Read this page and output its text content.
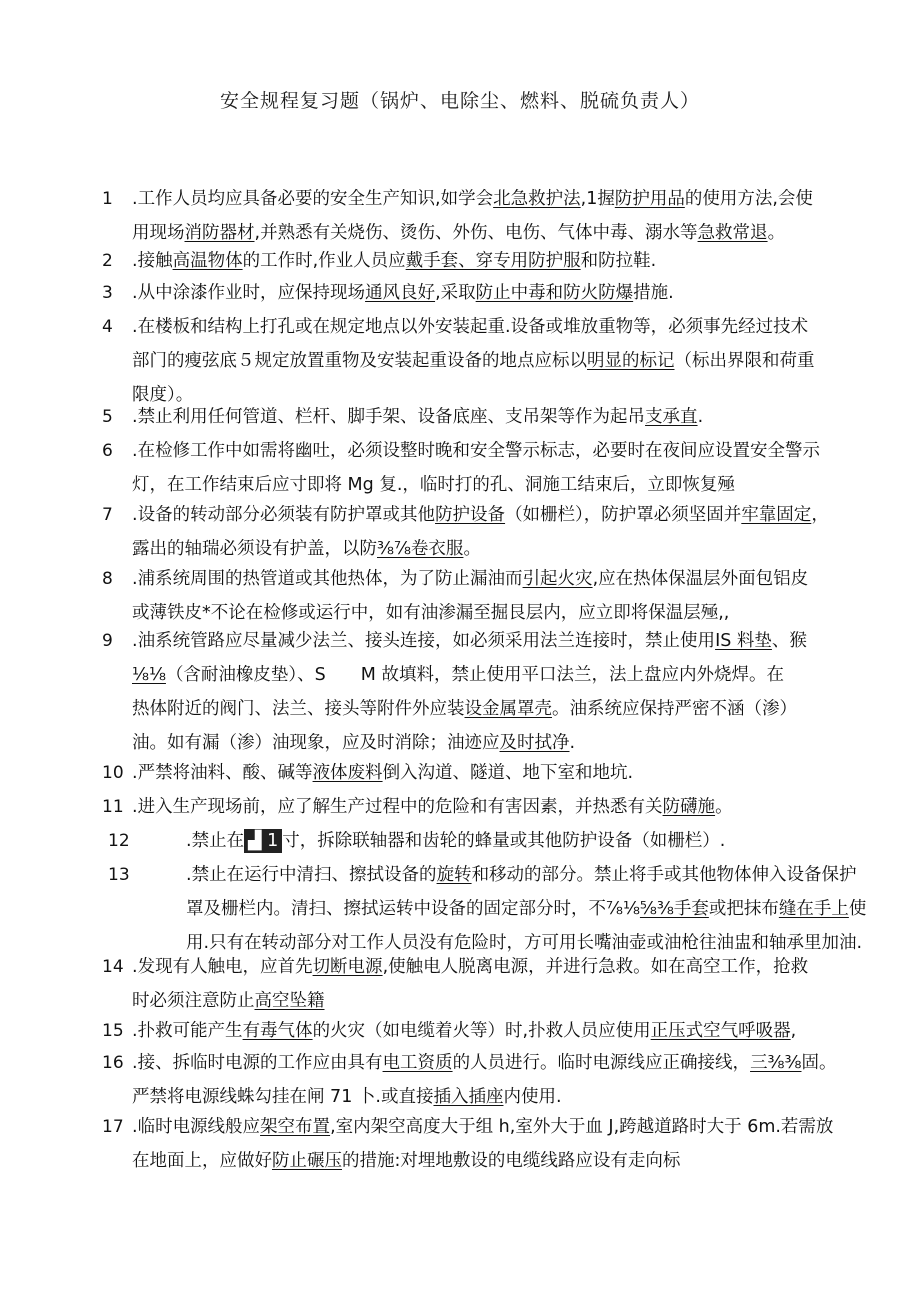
安全规程复习题（锅炉、电除尘、燃料、脱硫负责人）
1	.工作人员均应具备必要的安全生产知识,如学会北急救护法,1握防护用品的使用方法,会使
用现场消防器材,并熟悉有关烧伤、烫伤、外伤、电伤、气体中毒、溺水等急救常退。
2	.接触高温物体的工作时,作业人员应戴手套、穿专用防护服和防拉鞋.
3	.从中涂漆作业时，应保持现场通风良好,采取防止中毒和防火防爆措施.
4	.在楼板和结构上打孔或在规定地点以外安装起重.设备或堆放重物等，必须事先经过技术
部门的瘦弦底５规定放置重物及安装起重设备的地点应标以明显的标记（标出界限和荷重
限度）。
5	.禁止利用任何管道、栏杆、脚手架、设备底座、支吊架等作为起吊支承直.
6	.在检修工作中如需将幽吐，必须设整时晚和安全警示标志，必要时在夜间应设置安全警示
灯，在工作结束后应寸即将 Mg 复.，临时打的孔、洞施工结束后，立即恢复殛
7	.设备的转动部分必须装有防护罩或其他防护设备（如栅栏），防护罩必须坚固并牢靠固定，
露出的轴瑞必须设有护盖，以防⅜⅞卷衣服。
8	.浦系统周围的热管道或其他热体，为了防止漏油而引起火灾,应在热体保温层外面包铝皮
或薄铁皮*不论在检修或运行中，如有油渗漏至掘艮层内，应立即将保温层殛,,
9	.油系统管路应尽量减少法兰、接头连接，如必须采用法兰连接时，禁止使用IS 料垫、猴
⅛⅛（含耐油橡皮垫）、S　　M 故填料，禁止使用平口法兰，法上盘应内外烧焊。在
热体附近的阀门、法兰、接头等附件外应装设金属罩壳。油系统应保持严密不涵（渗）
油。如有漏（渗）油现象，应及时消除；油迹应及时拭净.
10 .严禁将油料、酸、碱等液体废料倒入沟道、隧道、地下室和地坑.
11 .进入生产现场前，应了解生产过程中的危险和有害因素，并热悉有关防礴施。
12	.禁止在 ▟ 1 寸，拆除联轴器和齿轮的蜂量或其他防护设备（如栅栏）.
13	.禁止在运行中清扫、擦拭设备的旋转和移动的部分。禁止将手或其他物体伸入设备保护
罩及栅栏内。清扫、擦拭运转中设备的固定部分时，不⅞⅛⅝⅜手套或把抹布缝在手上使
用.只有在转动部分对工作人员没有危险时，方可用长嘴油壶或油枪往油盅和轴承里加油.
14 .发现有人触电，应首先切断电源,使触电人脱离电源，并进行急救。如在高空工作，抢救
时必须注意防止高空坠籍
15 .扑救可能产生有毒气体的火灾（如电缆着火等）时,扑救人员应使用正压式空气呼吸器,
16 .接、拆临时电源的工作应由具有电工资质的人员进行。临时电源线应正确接线，三⅜⅜固。
严禁将电源线蛛勾挂在闸 71 卜.或直接插入插座内使用.
17 .临时电源线般应架空布置,室内架空高度大于组 h,室外大于血 J,跨越道路时大于 6m.若需放
在地面上，应做好防止碾压的措施:对埋地敷设的电缆线路应设有走向标
